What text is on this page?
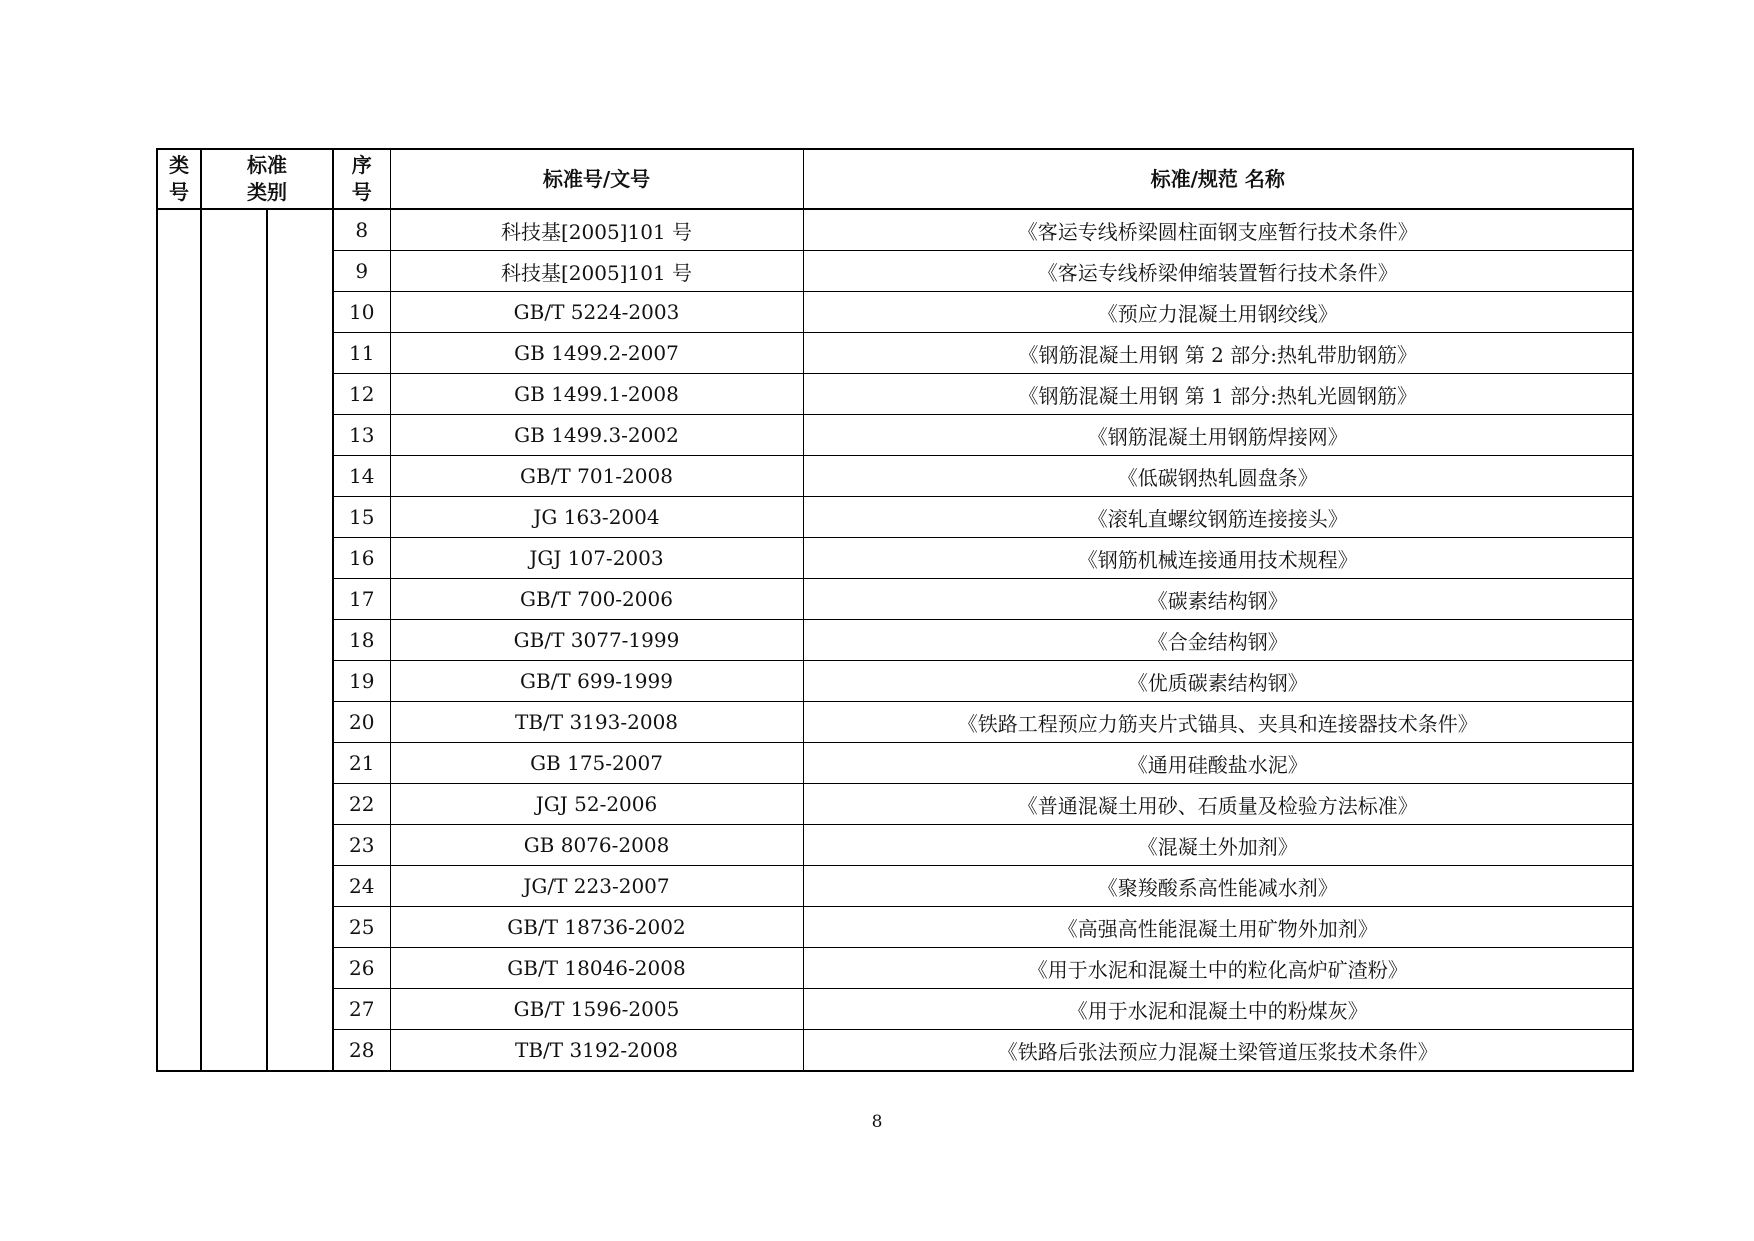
类号	标准类别		序号	标准号/文号	标准/规范 名称
			8	科技基[2005]101 号	《客运专线桥梁圆柱面钢支座暂行技术条件》
			9	科技基[2005]101 号	《客运专线桥梁伸缩装置暂行技术条件》
			10	GB/T 5224-2003	《预应力混凝土用钢绞线》
			11	GB 1499.2-2007	《钢筋混凝土用钢 第 2 部分:热轧带肋钢筋》
			12	GB 1499.1-2008	《钢筋混凝土用钢 第 1 部分:热轧光圆钢筋》
			13	GB 1499.3-2002	《钢筋混凝土用钢筋焊接网》
			14	GB/T 701-2008	《低碳钢热轧圆盘条》
			15	JG 163-2004	《滚轧直螺纹钢筋连接接头》
			16	JGJ 107-2003	《钢筋机械连接通用技术规程》
			17	GB/T 700-2006	《碳素结构钢》
			18	GB/T 3077-1999	《合金结构钢》
			19	GB/T 699-1999	《优质碳素结构钢》
			20	TB/T 3193-2008	《铁路工程预应力筋夹片式锚具、夹具和连接器技术条件》
			21	GB 175-2007	《通用硅酸盐水泥》
			22	JGJ 52-2006	《普通混凝土用砂、石质量及检验方法标准》
			23	GB 8076-2008	《混凝土外加剂》
			24	JG/T 223-2007	《聚羧酸系高性能减水剂》
			25	GB/T 18736-2002	《高强高性能混凝土用矿物外加剂》
			26	GB/T 18046-2008	《用于水泥和混凝土中的粒化高炉矿渣粉》
			27	GB/T 1596-2005	《用于水泥和混凝土中的粉煤灰》
			28	TB/T 3192-2008	《铁路后张法预应力混凝土梁管道压浆技术条件》
8
